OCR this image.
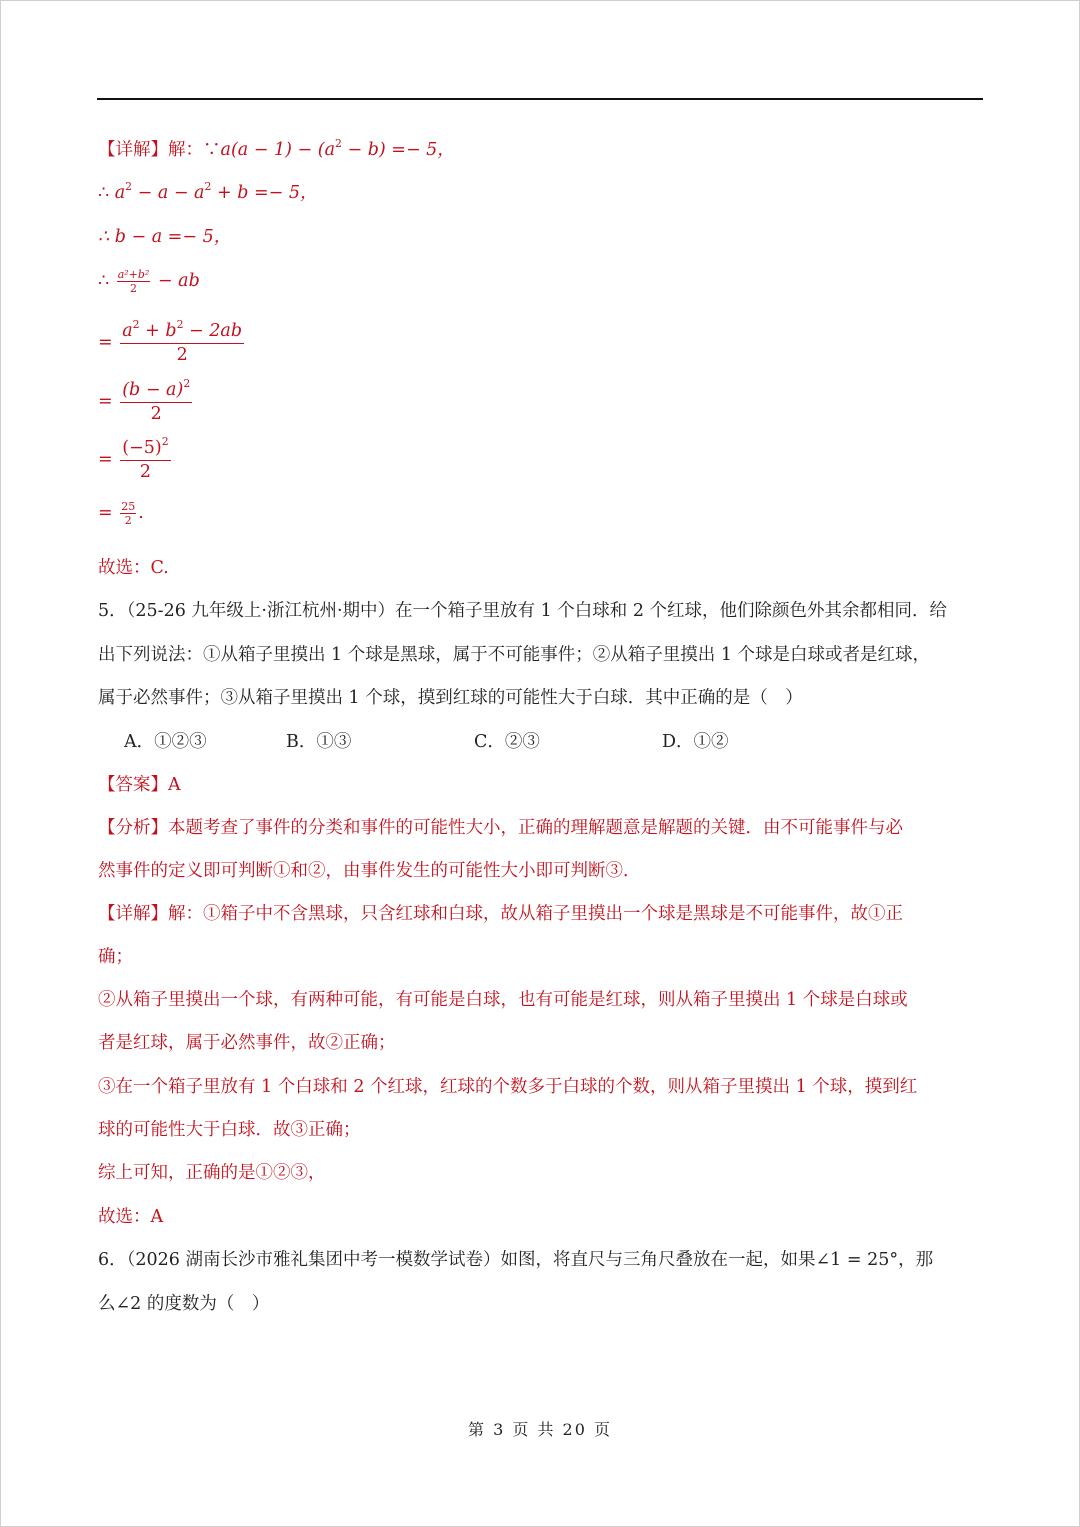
【详解】解：∵a(a − $1) - (a^2 - b) =- 5$，
∴ $a^2 - a - a^2 + b =- 5$，
∴ b − a =− 5，
∴ $\frac{\text{a²+b²}}{2}$ − ab
= $\frac{a^2 + b^2 - 2ab}{2}$
= $\frac{(b - a)^2}{2}$
= $\frac{(-5)^2}{2}$
= $\frac{25}{2}$ .
故选：C.
5．（25-26 九年级上·浙江杭州·期中）在一个箱子里放有 1 个白球和 2 个红球，他们除颜色外其余都相同．给
出下列说法：①从箱子里摸出 1 个球是黑球，属于不可能事件；②从箱子里摸出 1 个球是白球或者是红球，
属于必然事件；③从箱子里摸出 1 个球，摸到红球的可能性大于白球．其中正确的是（　）
A．①②③	B．①③	C．②③	D．①②
【答案】A
【分析】本题考查了事件的分类和事件的可能性大小，正确的理解题意是解题的关键．由不可能事件与必
然事件的定义即可判断①和②，由事件发生的可能性大小即可判断③．
【详解】解：①箱子中不含黑球，只含红球和白球，故从箱子里摸出一个球是黑球是不可能事件，故①正
确；
②从箱子里摸出一个球，有两种可能，有可能是白球，也有可能是红球，则从箱子里摸出 1 个球是白球或
者是红球，属于必然事件，故②正确；
③在一个箱子里放有 1 个白球和 2 个红球，红球的个数多于白球的个数，则从箱子里摸出 1 个球，摸到红
球的可能性大于白球．故③正确；
综上可知，正确的是①②③，
故选：A
6．（2026 湖南长沙市雅礼集团中考一模数学试卷）如图，将直尺与三角尺叠放在一起，如果∠1 = 25°，那
么∠2 的度数为（　）
第 3 页 共 20 页
